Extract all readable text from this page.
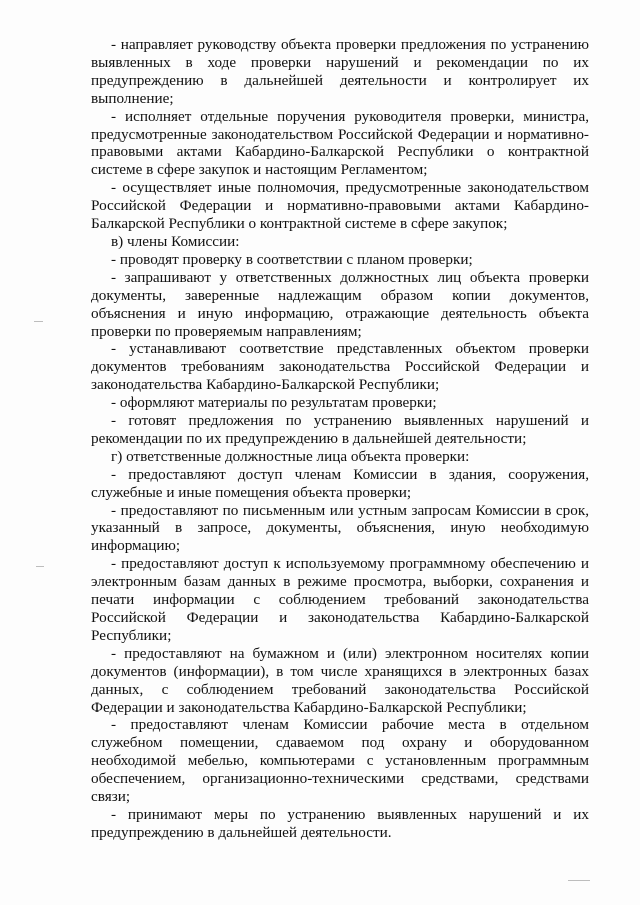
- направляет руководству объекта проверки предложения по устранению выявленных в ходе проверки нарушений и рекомендации по их предупреждению в дальнейшей деятельности и контролирует их выполнение;

- исполняет отдельные поручения руководителя проверки, министра, предусмотренные законодательством Российской Федерации и нормативно-правовыми актами Кабардино-Балкарской Республики о контрактной системе в сфере закупок и настоящим Регламентом;

- осуществляет иные полномочия, предусмотренные законодательством Российской Федерации и нормативно-правовыми актами Кабардино-Балкарской Республики о контрактной системе в сфере закупок;

в) члены Комиссии:

- проводят проверку в соответствии с планом проверки;

- запрашивают у ответственных должностных лиц объекта проверки документы, заверенные надлежащим образом копии документов, объяснения и иную информацию, отражающие деятельность объекта проверки по проверяемым направлениям;

- устанавливают соответствие представленных объектом проверки документов требованиям законодательства Российской Федерации и законодательства Кабардино-Балкарской Республики;

- оформляют материалы по результатам проверки;

- готовят предложения по устранению выявленных нарушений и рекомендации по их предупреждению в дальнейшей деятельности;

г) ответственные должностные лица объекта проверки:

- предоставляют доступ членам Комиссии в здания, сооружения, служебные и иные помещения объекта проверки;

- предоставляют по письменным или устным запросам Комиссии в срок, указанный в запросе, документы, объяснения, иную необходимую информацию;

- предоставляют доступ к используемому программному обеспечению и электронным базам данных в режиме просмотра, выборки, сохранения и печати информации с соблюдением требований законодательства Российской Федерации и законодательства Кабардино-Балкарской Республики;

- предоставляют на бумажном и (или) электронном носителях копии документов (информации), в том числе хранящихся в электронных базах данных, с соблюдением требований законодательства Российской Федерации и законодательства Кабардино-Балкарской Республики;

- предоставляют членам Комиссии рабочие места в отдельном служебном помещении, сдаваемом под охрану и оборудованном необходимой мебелью, компьютерами с установленным программным обеспечением, организационно-техническими средствами, средствами связи;

- принимают меры по устранению выявленных нарушений и их предупреждению в дальнейшей деятельности.
